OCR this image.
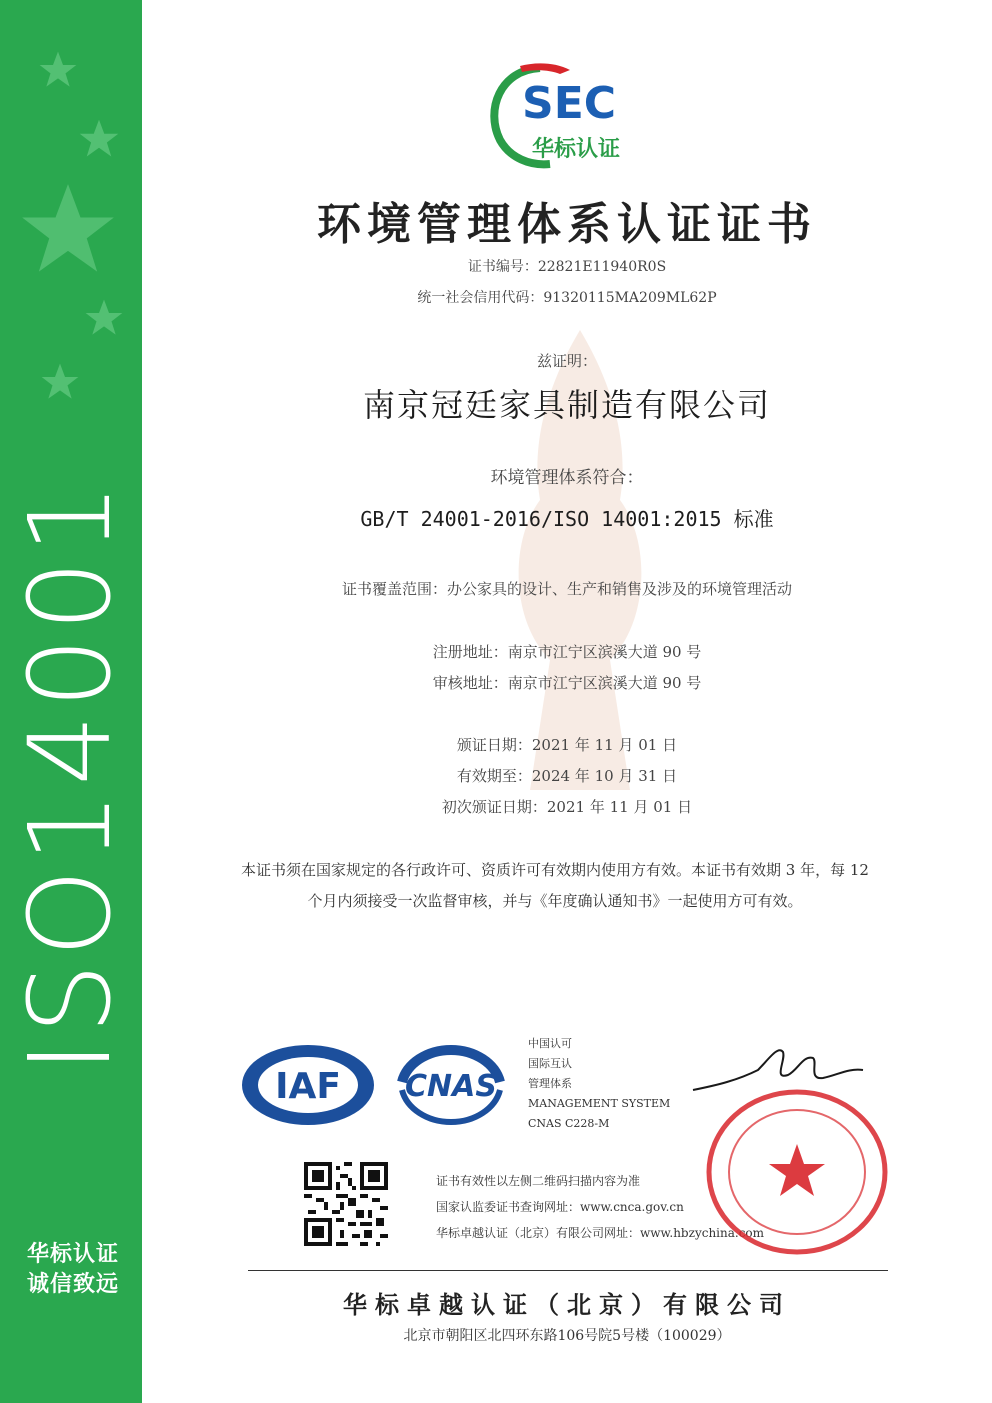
ISO14001
华标认证
诚信致远
SEC
华标认证
环境管理体系认证证书
证书编号：22821E11940R0S
统一社会信用代码：91320115MA209ML62P
兹证明：
南京冠廷家具制造有限公司
环境管理体系符合：
GB/T 24001-2016/ISO 14001:2015 标准
证书覆盖范围：办公家具的设计、生产和销售及涉及的环境管理活动
注册地址：南京市江宁区滨溪大道 90 号
审核地址：南京市江宁区滨溪大道 90 号
颁证日期：2021 年 11 月 01 日
有效期至：2024 年 10 月 31 日
初次颁证日期：2021 年 11 月 01 日
本证书须在国家规定的各行政许可、资质许可有效期内使用方有效。本证书有效期 3 年，每 12
个月内须接受一次监督审核，并与《年度确认通知书》一起使用方可有效。
IAF CNAS
中国认可
国际互认
管理体系
MANAGEMENT SYSTEM
CNAS C228-M
证书有效性以左侧二维码扫描内容为准
国家认监委证书查询网址：www.cnca.gov.cn
华标卓越认证（北京）有限公司网址：www.hbzychina.com
华标卓越认证（北京）有限公司
北京市朝阳区北四环东路106号院5号楼（100029）
